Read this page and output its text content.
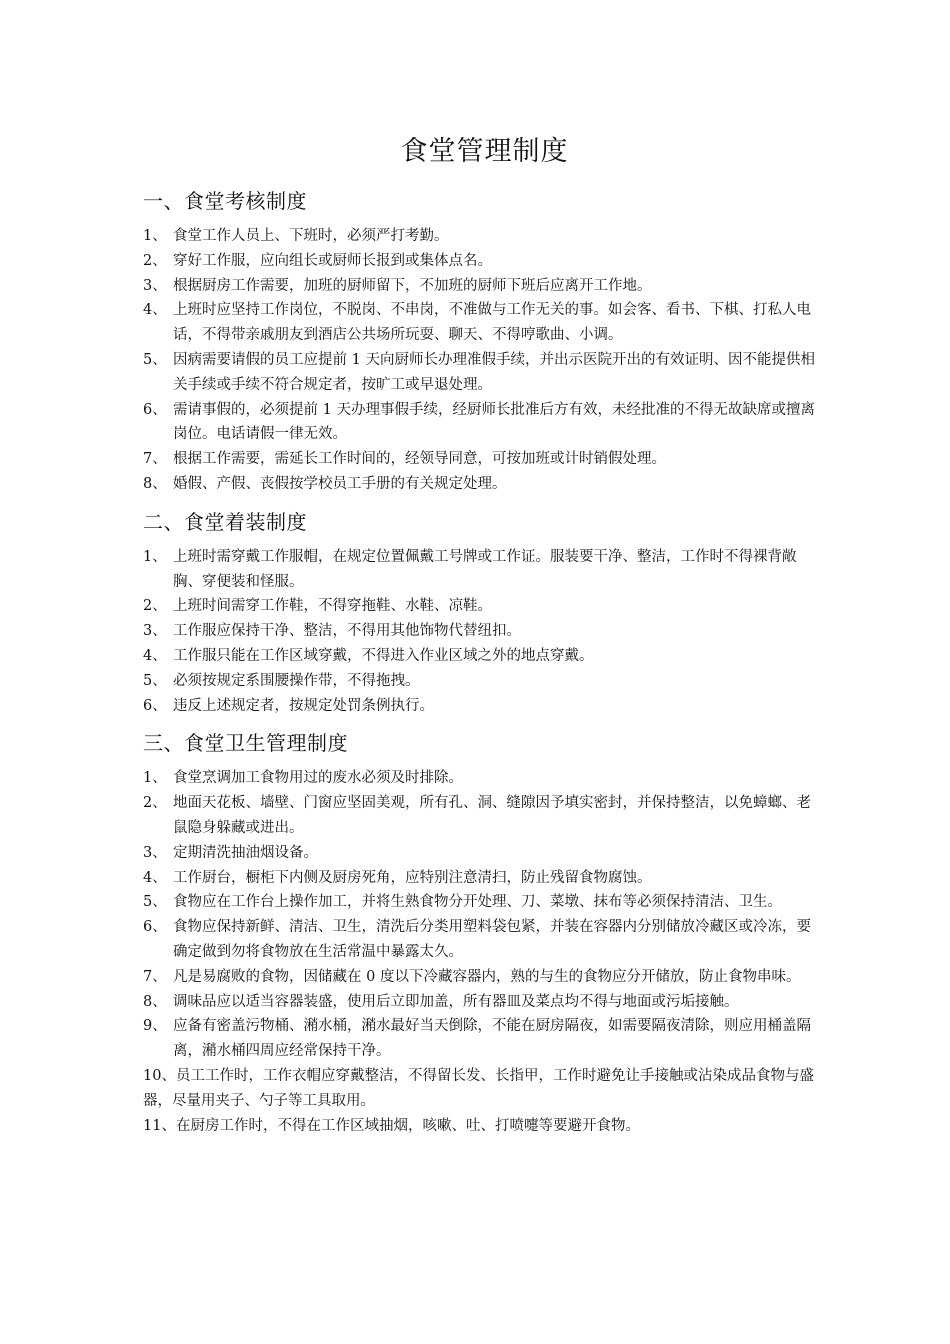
食堂管理制度
一、食堂考核制度
1、 食堂工作人员上、下班时，必须严打考勤。
2、 穿好工作服，应向组长或厨师长报到或集体点名。
3、 根据厨房工作需要，加班的厨师留下，不加班的厨师下班后应离开工作地。
4、 上班时应坚持工作岗位，不脱岗、不串岗，不准做与工作无关的事。如会客、看书、下棋、打私人电话，不得带亲戚朋友到酒店公共场所玩耍、聊天、不得哼歌曲、小调。
5、 因病需要请假的员工应提前 1 天向厨师长办理准假手续，并出示医院开出的有效证明、因不能提供相关手续或手续不符合规定者，按旷工或早退处理。
6、 需请事假的，必须提前 1 天办理事假手续，经厨师长批准后方有效，未经批准的不得无故缺席或擅离岗位。电话请假一律无效。
7、 根据工作需要，需延长工作时间的，经领导同意，可按加班或计时销假处理。
8、 婚假、产假、丧假按学校员工手册的有关规定处理。
二、食堂着装制度
1、 上班时需穿戴工作服帽，在规定位置佩戴工号牌或工作证。服装要干净、整洁，工作时不得裸背敞胸、穿便装和怪服。
2、 上班时间需穿工作鞋，不得穿拖鞋、水鞋、凉鞋。
3、 工作服应保持干净、整洁，不得用其他饰物代替纽扣。
4、 工作服只能在工作区域穿戴，不得进入作业区域之外的地点穿戴。
5、 必须按规定系围腰操作带，不得拖拽。
6、 违反上述规定者，按规定处罚条例执行。
三、食堂卫生管理制度
1、 食堂烹调加工食物用过的废水必须及时排除。
2、 地面天花板、墙壁、门窗应坚固美观，所有孔、洞、缝隙因予填实密封，并保持整洁，以免蟑螂、老鼠隐身躲藏或进出。
3、 定期清洗抽油烟设备。
4、 工作厨台，橱柜下内侧及厨房死角，应特别注意清扫，防止残留食物腐蚀。
5、 食物应在工作台上操作加工，并将生熟食物分开处理、刀、菜墩、抹布等必须保持清洁、卫生。
6、 食物应保持新鲜、清洁、卫生，清洗后分类用塑料袋包紧，并装在容器内分别储放冷藏区或冷冻，要确定做到勿将食物放在生活常温中暴露太久。
7、 凡是易腐败的食物，因储藏在 0 度以下冷藏容器内，熟的与生的食物应分开储放，防止食物串味。
8、 调味品应以适当容器装盛，使用后立即加盖，所有器皿及菜点均不得与地面或污垢接触。
9、 应备有密盖污物桶、潲水桶，潲水最好当天倒除，不能在厨房隔夜，如需要隔夜清除，则应用桶盖隔离，潲水桶四周应经常保持干净。
10、员工工作时，工作衣帽应穿戴整洁，不得留长发、长指甲，工作时避免让手接触或沾染成品食物与盛器，尽量用夹子、勺子等工具取用。
11、在厨房工作时，不得在工作区域抽烟，咳嗽、吐、打喷嚏等要避开食物。
